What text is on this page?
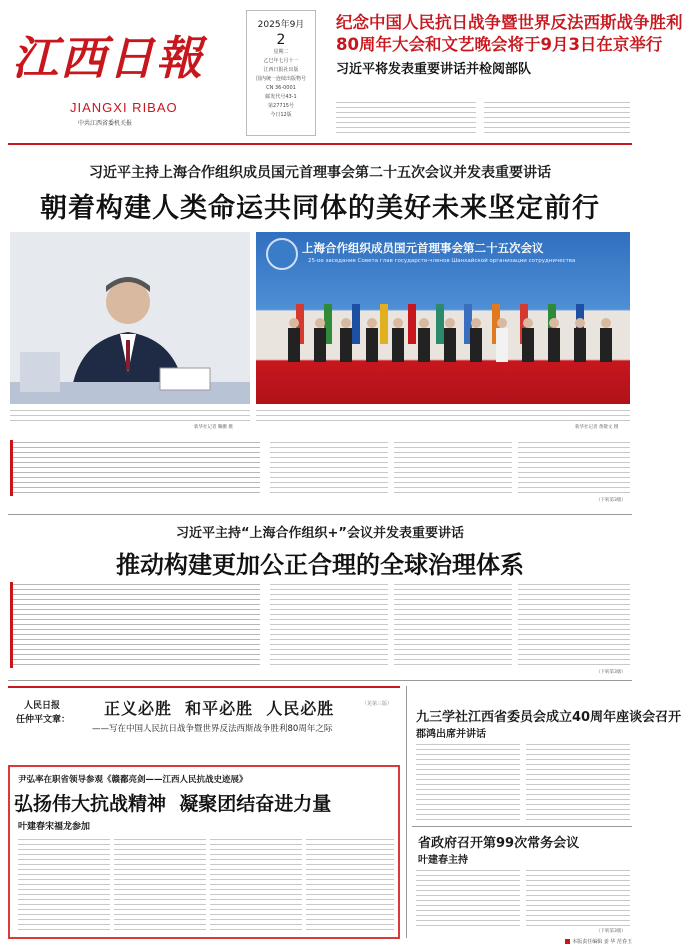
江西日報
JIANGXI RIBAO
中共江西省委机关报
2025年9月
2
星期二
乙巳年七月十一
江西日报社出版
国内统一连续出版物号
CN 36-0001
邮发代号43-1
第27715号
今日12版
纪念中国人民抗日战争暨世界反法西斯战争胜利
80周年大会和文艺晚会将于9月3日在京举行
习近平将发表重要讲话并检阅部队
习近平主持上海合作组织成员国元首理事会第二十五次会议并发表重要讲话
朝着构建人类命运共同体的美好未来坚定前行
上海合作组织成员国元首理事会第二十五次会议
25-ое заседание Совета глав государств-членов Шанхайской организации сотрудничества
新华社记者 鞠鹏 摄	新华社记者 黄敬文 摄
（下转第3版）
习近平主持“上海合作组织+”会议并发表重要讲话
推动构建更加公正合理的全球治理体系
（下转第3版）
人民日报
任仲平文章：
正义必胜  和平必胜  人民必胜
——写在中国人民抗日战争暨世界反法西斯战争胜利80周年之际
（见第三版）
尹弘率在职省领导参观《赣鄱亮剑——江西人民抗战史迹展》
弘扬伟大抗战精神  凝聚团结奋进力量
叶建春宋福龙参加
九三学社江西省委员会成立40周年座谈会召开
郡鸿出席并讲话
省政府召开第99次常务会议
叶建春主持
（下转第3版）
本版责任编辑 姜 华 范春玉
